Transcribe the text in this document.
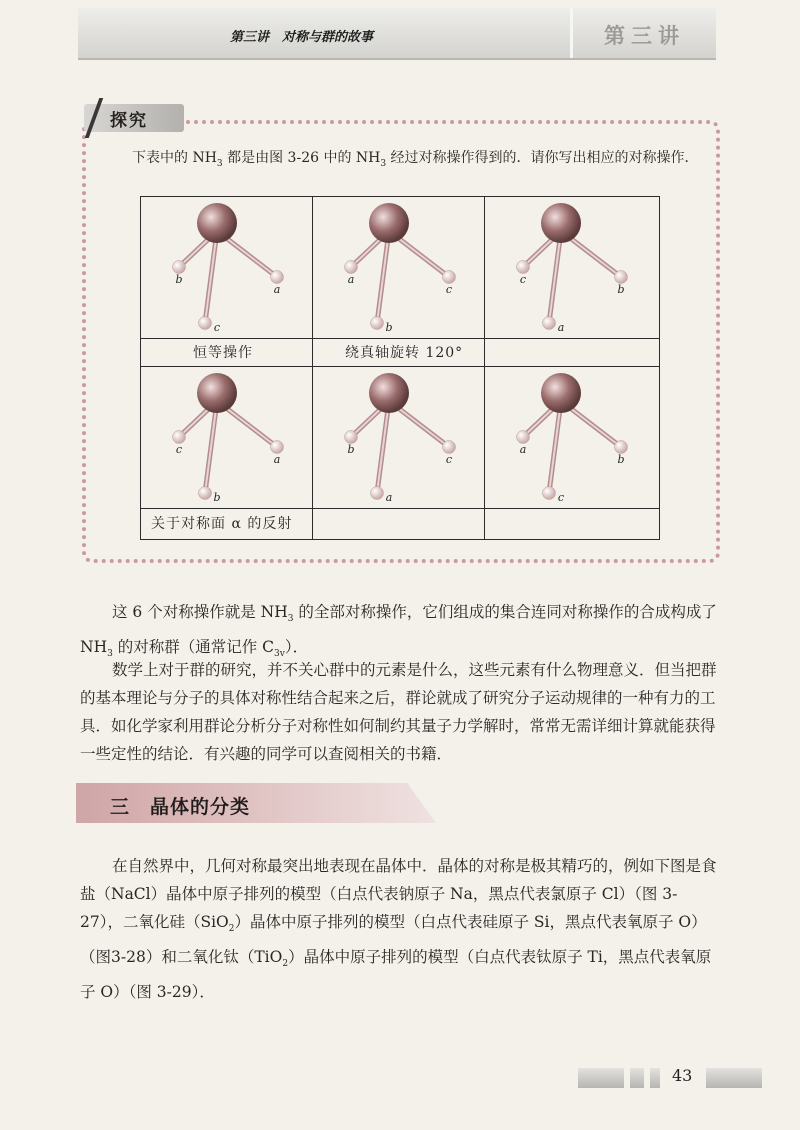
第三讲　对称与群的故事	第三讲
探究

下表中的 $NH_3$ 都是由图 3-26 中的 $NH_3$ 经过对称操作得到的．请你写出相应的对称操作．

b
a
c
a
c
b
c
b
a
恒等操作	绕真轴旋转 120°
c
a
b
b
c
a
a
b
c
关于对称面 α 的反射

这 6 个对称操作就是 $NH_3$ 的全部对称操作，它们组成的集合连同对称操作的合成构成了 $NH_3$ 的对称群（通常记作 $C_{3v}$）．

数学上对于群的研究，并不关心群中的元素是什么，这些元素有什么物理意义．但当把群的基本理论与分子的具体对称性结合起来之后，群论就成了研究分子运动规律的一种有力的工具．如化学家利用群论分析分子对称性如何制约其量子力学解时，常常无需详细计算就能获得一些定性的结论．有兴趣的同学可以查阅相关的书籍．

三　晶体的分类

在自然界中，几何对称最突出地表现在晶体中．晶体的对称是极其精巧的，例如下图是食盐（NaCl）晶体中原子排列的模型（白点代表钠原子 Na，黑点代表氯原子 Cl）（图 3-27），二氧化硅（SiO$_2$）晶体中原子排列的模型（白点代表硅原子 Si，黑点代表氧原子 O）（图3-28）和二氧化钛（TiO$_2$）晶体中原子排列的模型（白点代表钛原子 Ti，黑点代表氧原子 O）（图 3-29）．

43
